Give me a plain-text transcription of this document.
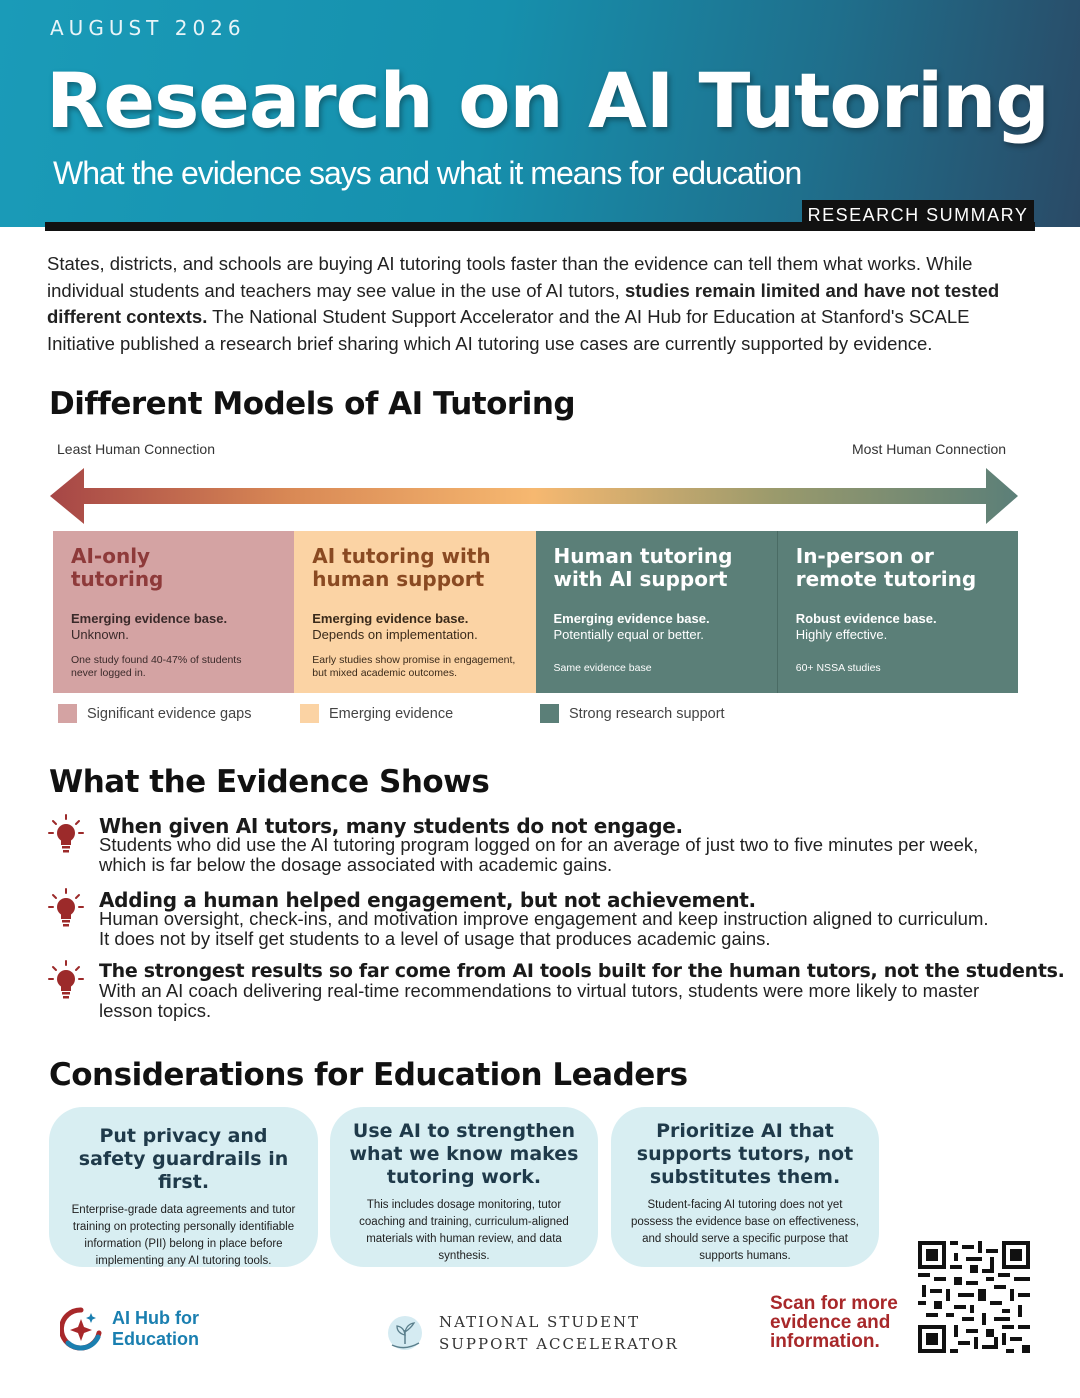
AUGUST 2026
Research on AI Tutoring
What the evidence says and what it means for education
RESEARCH SUMMARY

States, districts, and schools are buying AI tutoring tools faster than the evidence can tell them what works. While individual students and teachers may see value in the use of AI tutors, studies remain limited and have not tested different contexts. The National Student Support Accelerator and the AI Hub for Education at Stanford's SCALE Initiative published a research brief sharing which AI tutoring use cases are currently supported by evidence.

Different Models of AI Tutoring
Least Human Connection	Most Human Connection
AI-only
tutoring
Emerging evidence base.
Unknown.
One study found 40-47% of students
never logged in.
AI tutoring with
human support
Emerging evidence base.
Depends on implementation.
Early studies show promise in engagement,
but mixed academic outcomes.
Human tutoring
with AI support
Emerging evidence base.
Potentially equal or better.
Same evidence base
In-person or
remote tutoring
Robust evidence base.
Highly effective.
60+ NSSA studies
Significant evidence gaps	Emerging evidence	Strong research support
What the Evidence Shows
When given AI tutors, many students do not engage.
Students who did use the AI tutoring program logged on for an average of just two to five minutes per week, which is far below the dosage associated with academic gains.
Adding a human helped engagement, but not achievement.
Human oversight, check-ins, and motivation improve engagement and keep instruction aligned to curriculum. It does not by itself get students to a level of usage that produces academic gains.
The strongest results so far come from AI tools built for the human tutors, not the students.
With an AI coach delivering real-time recommendations to virtual tutors, students were more likely to master lesson topics.
Considerations for Education Leaders
Put privacy and safety guardrails in first.
Enterprise-grade data agreements and tutor training on protecting personally identifiable information (PII) belong in place before implementing any AI tutoring tools.
Use AI to strengthen what we know makes tutoring work.
This includes dosage monitoring, tutor coaching and training, curriculum-aligned materials with human review, and data synthesis.
Prioritize AI that supports tutors, not substitutes them.
Student-facing AI tutoring does not yet possess the evidence base on effectiveness, and should serve a specific purpose that supports humans.
AI Hub for
Education
NATIONAL STUDENT
SUPPORT ACCELERATOR
Scan for more evidence and information.
